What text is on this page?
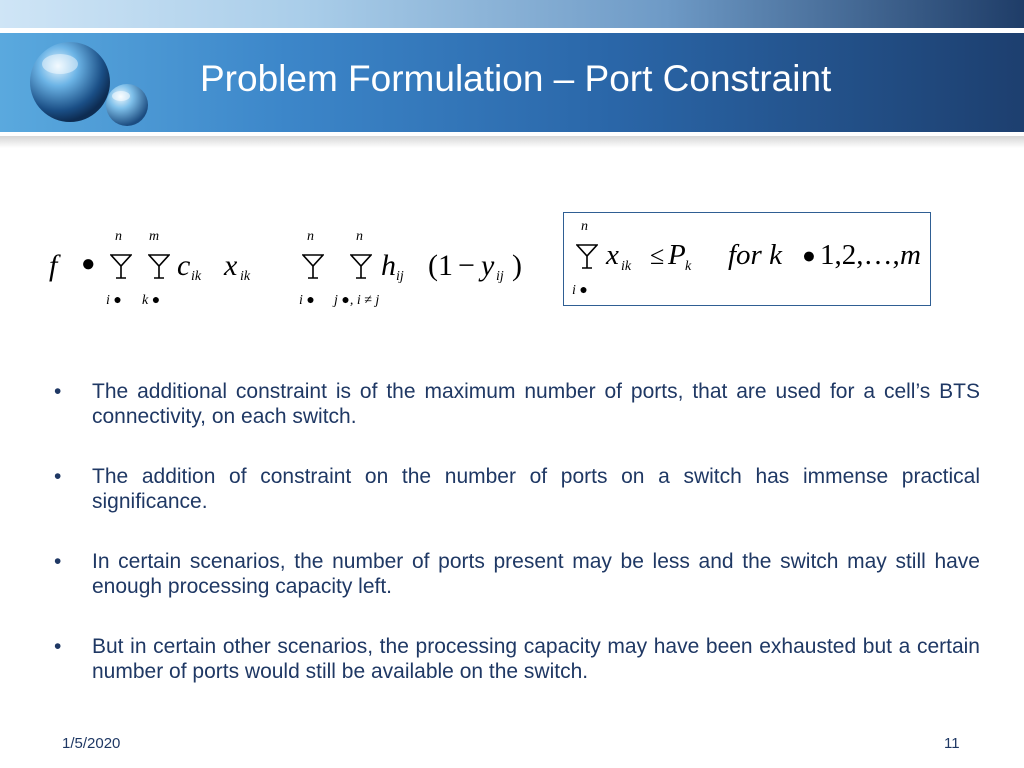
Problem Formulation – Port Constraint
f ●
n
i ●
m
k ●
c ik x ik
n
i ●
n
j ●, i ≠ j
h ij (1 − y ij )
n
i ●
x ik ≤ P k for k ● 1,2,…, m
• The additional constraint is of the maximum number of ports, that are used for a cell’s BTS connectivity, on each switch.
• The addition of constraint on the number of ports on a switch has immense practical significance.
• In certain scenarios, the number of ports present may be less and the switch may still have enough processing capacity left.
• But in certain other scenarios, the processing capacity may have been exhausted but a certain number of ports would still be available on the switch.
1/5/2020	11
